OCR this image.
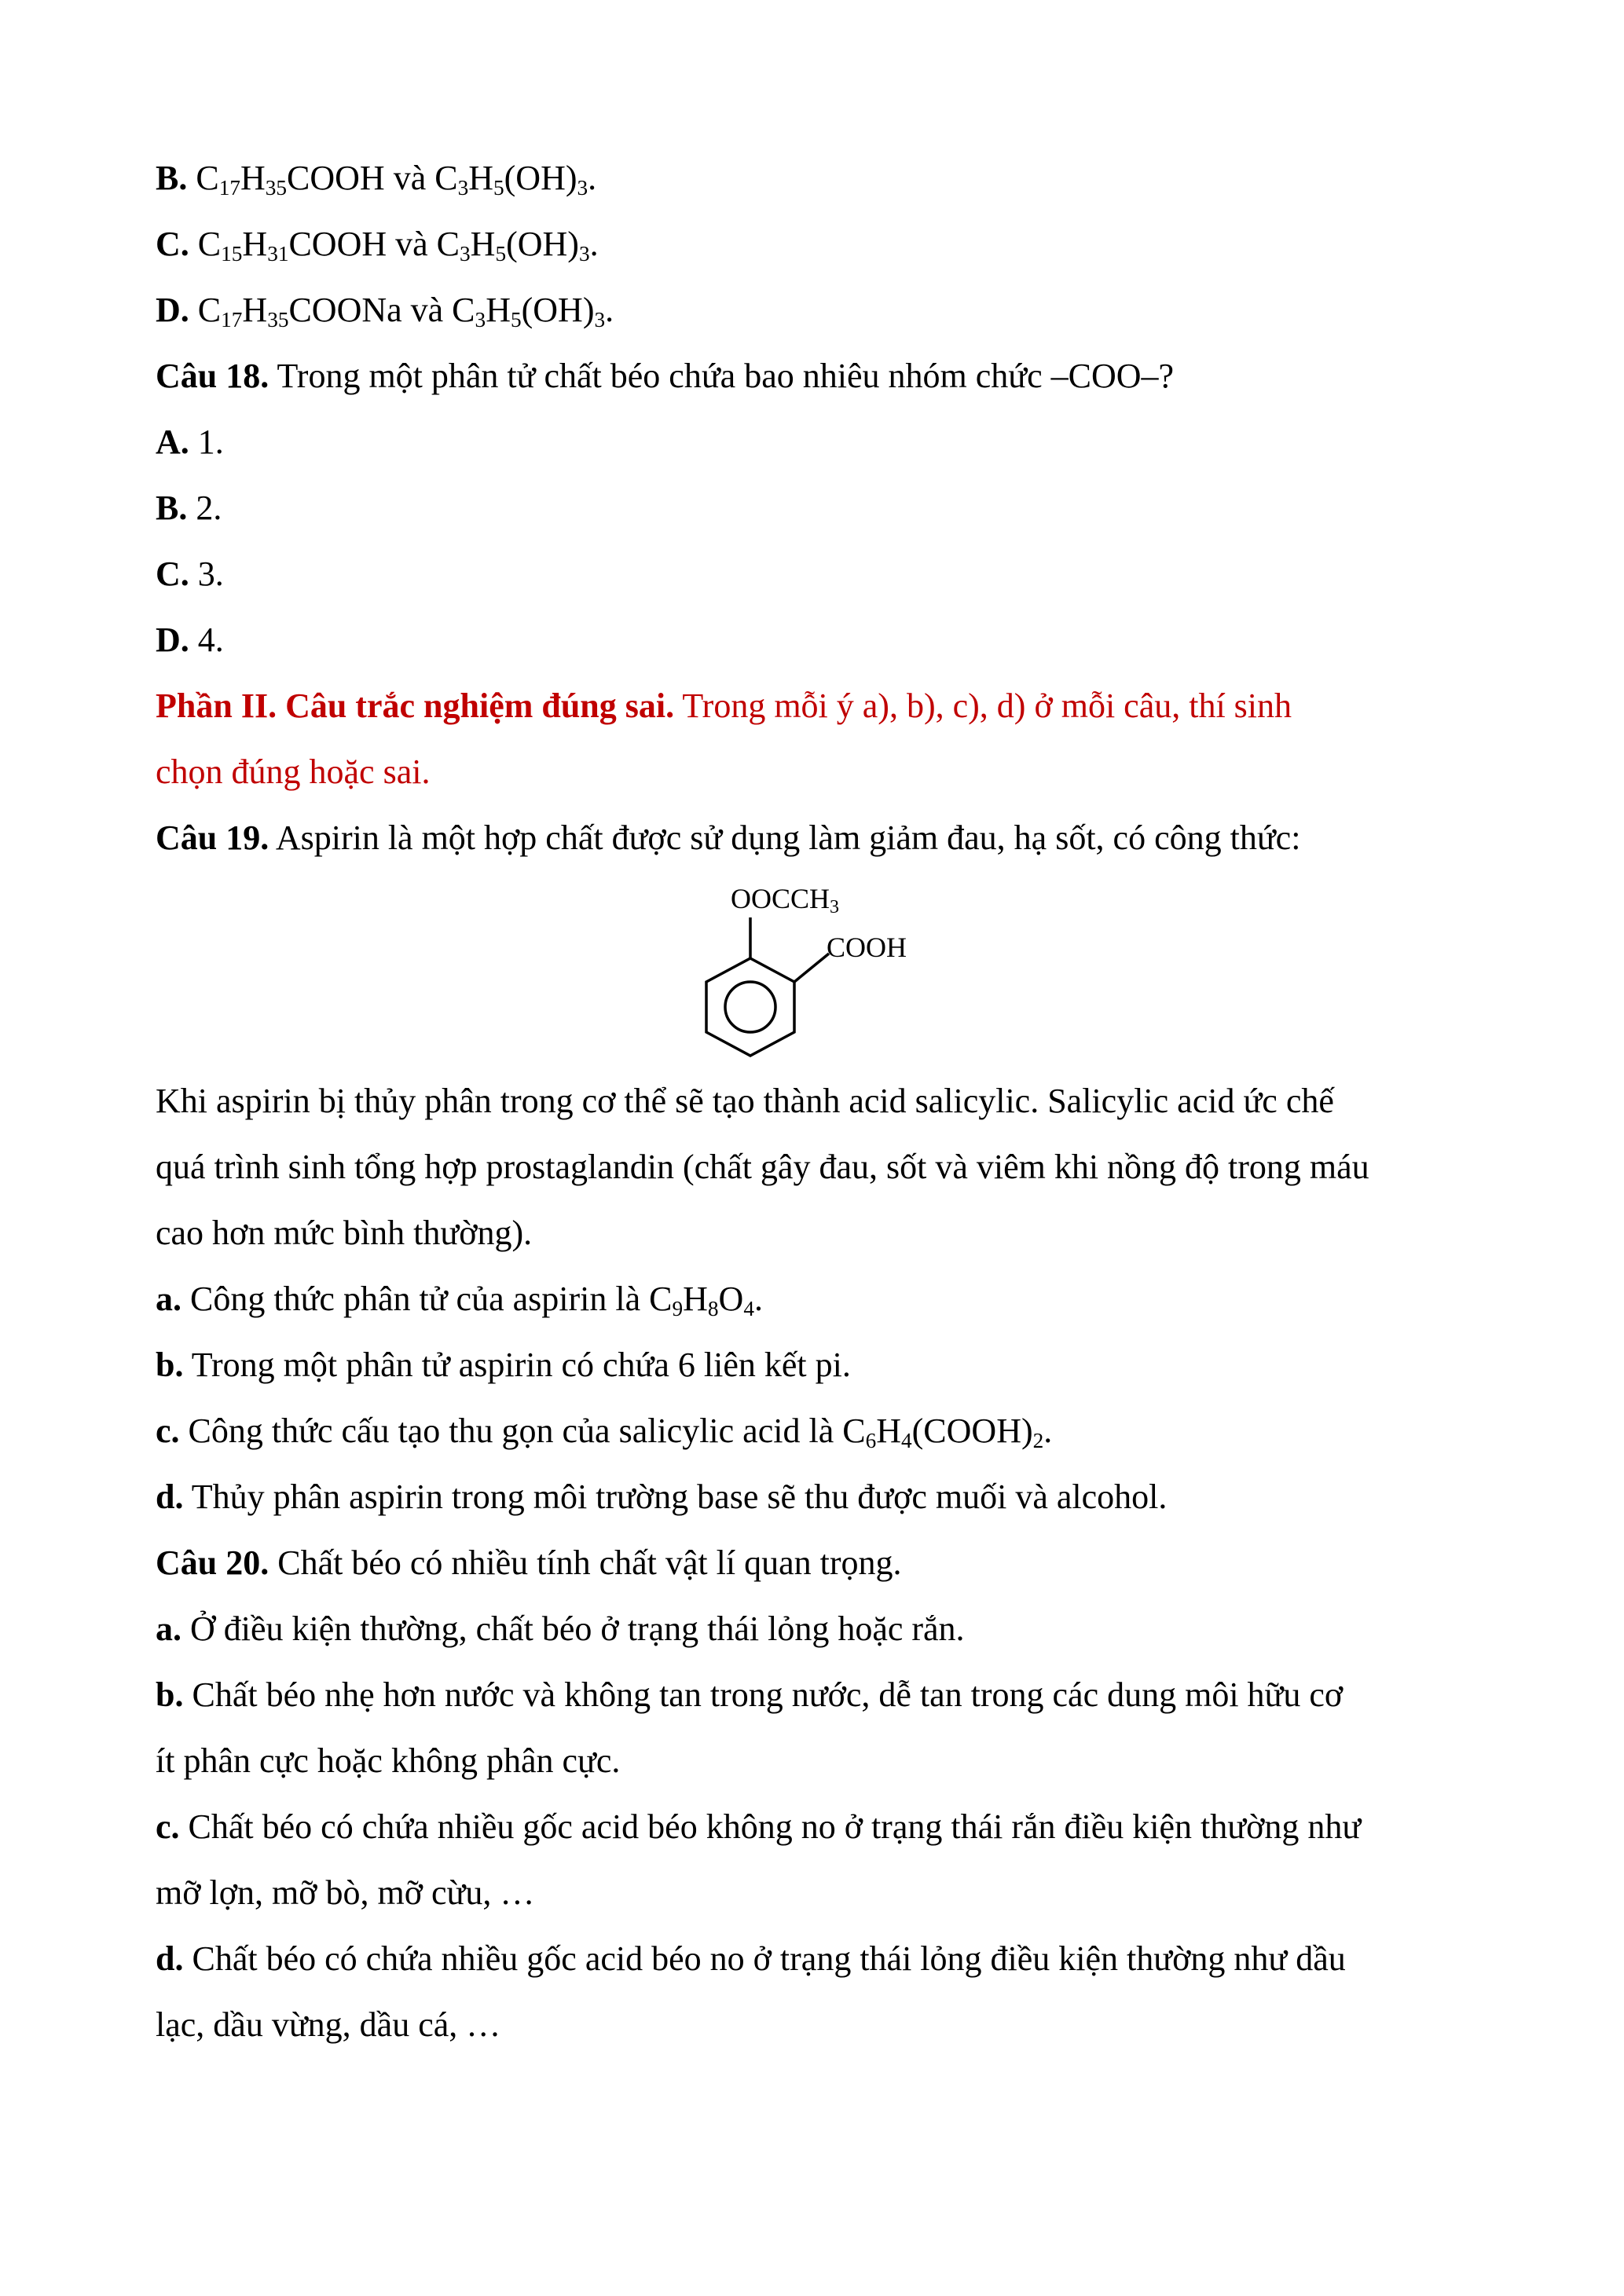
B. $C_{17}H_{35}COOH$ và $C_3H_5(OH)_3$.
C. $C_{15}H_{31}COOH$ và $C_3H_5(OH)_3$.
D. $C_{17}H_{35}COONa$ và $C_3H_5(OH)_3$.
Câu 18. Trong một phân tử chất béo chứa bao nhiêu nhóm chức –COO–?
A. 1.
B. 2.
C. 3.
D. 4.
Phần II. Câu trắc nghiệm đúng sai. Trong mỗi ý a), b), c), d) ở mỗi câu, thí sinh
chọn đúng hoặc sai.
Câu 19. Aspirin là một hợp chất được sử dụng làm giảm đau, hạ sốt, có công thức:
OOCCH3
COOH
Khi aspirin bị thủy phân trong cơ thể sẽ tạo thành acid salicylic. Salicylic acid ức chế
quá trình sinh tổng hợp prostaglandin (chất gây đau, sốt và viêm khi nồng độ trong máu
cao hơn mức bình thường).
a. Công thức phân tử của aspirin là $C_9H_8O_4$.
b. Trong một phân tử aspirin có chứa 6 liên kết pi.
c. Công thức cấu tạo thu gọn của salicylic acid là $C_6H_4(COOH)_2$.
d. Thủy phân aspirin trong môi trường base sẽ thu được muối và alcohol.
Câu 20. Chất béo có nhiều tính chất vật lí quan trọng.
a. Ở điều kiện thường, chất béo ở trạng thái lỏng hoặc rắn.
b. Chất béo nhẹ hơn nước và không tan trong nước, dễ tan trong các dung môi hữu cơ
ít phân cực hoặc không phân cực.
c. Chất béo có chứa nhiều gốc acid béo không no ở trạng thái rắn điều kiện thường như
mỡ lợn, mỡ bò, mỡ cừu, …
d. Chất béo có chứa nhiều gốc acid béo no ở trạng thái lỏng điều kiện thường như dầu
lạc, dầu vừng, dầu cá, …
